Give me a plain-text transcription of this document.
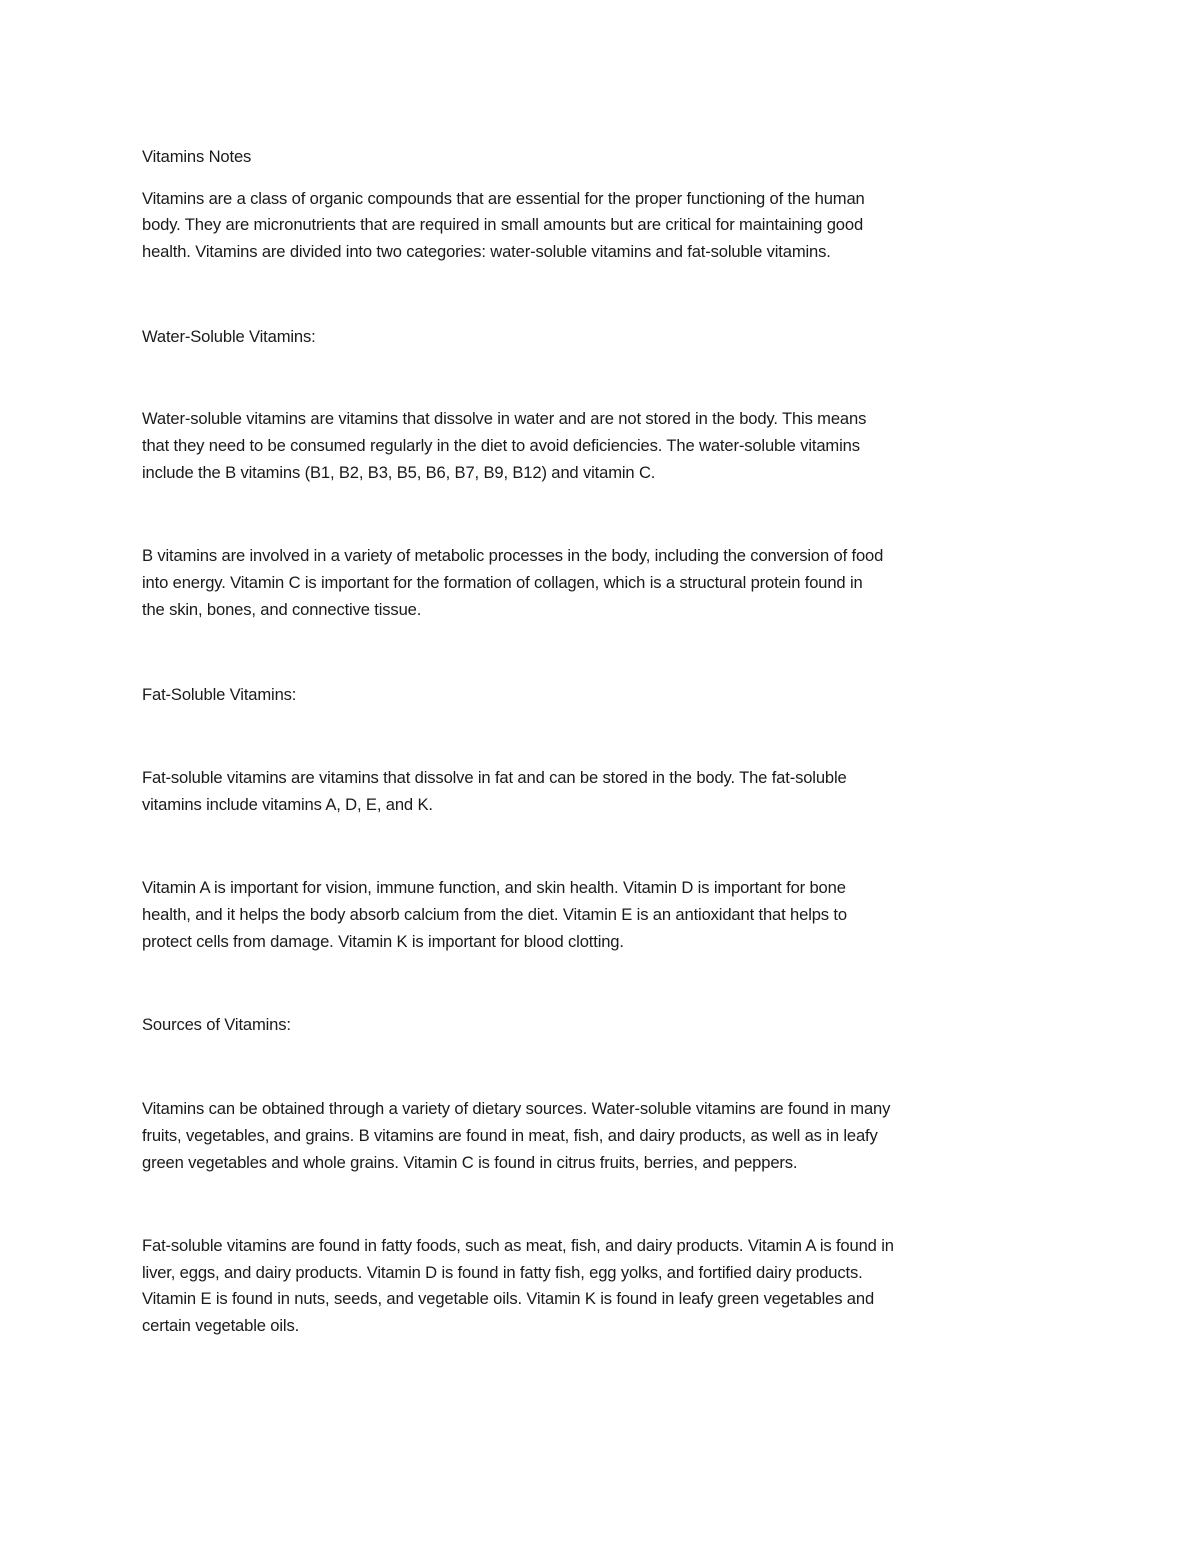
Vitamins Notes
Vitamins are a class of organic compounds that are essential for the proper functioning of the human
body. They are micronutrients that are required in small amounts but are critical for maintaining good
health. Vitamins are divided into two categories: water-soluble vitamins and fat-soluble vitamins.
Water-Soluble Vitamins:
Water-soluble vitamins are vitamins that dissolve in water and are not stored in the body. This means
that they need to be consumed regularly in the diet to avoid deficiencies. The water-soluble vitamins
include the B vitamins (B1, B2, B3, B5, B6, B7, B9, B12) and vitamin C.
B vitamins are involved in a variety of metabolic processes in the body, including the conversion of food
into energy. Vitamin C is important for the formation of collagen, which is a structural protein found in
the skin, bones, and connective tissue.
Fat-Soluble Vitamins:
Fat-soluble vitamins are vitamins that dissolve in fat and can be stored in the body. The fat-soluble
vitamins include vitamins A, D, E, and K.
Vitamin A is important for vision, immune function, and skin health. Vitamin D is important for bone
health, and it helps the body absorb calcium from the diet. Vitamin E is an antioxidant that helps to
protect cells from damage. Vitamin K is important for blood clotting.
Sources of Vitamins:
Vitamins can be obtained through a variety of dietary sources. Water-soluble vitamins are found in many
fruits, vegetables, and grains. B vitamins are found in meat, fish, and dairy products, as well as in leafy
green vegetables and whole grains. Vitamin C is found in citrus fruits, berries, and peppers.
Fat-soluble vitamins are found in fatty foods, such as meat, fish, and dairy products. Vitamin A is found in
liver, eggs, and dairy products. Vitamin D is found in fatty fish, egg yolks, and fortified dairy products.
Vitamin E is found in nuts, seeds, and vegetable oils. Vitamin K is found in leafy green vegetables and
certain vegetable oils.
